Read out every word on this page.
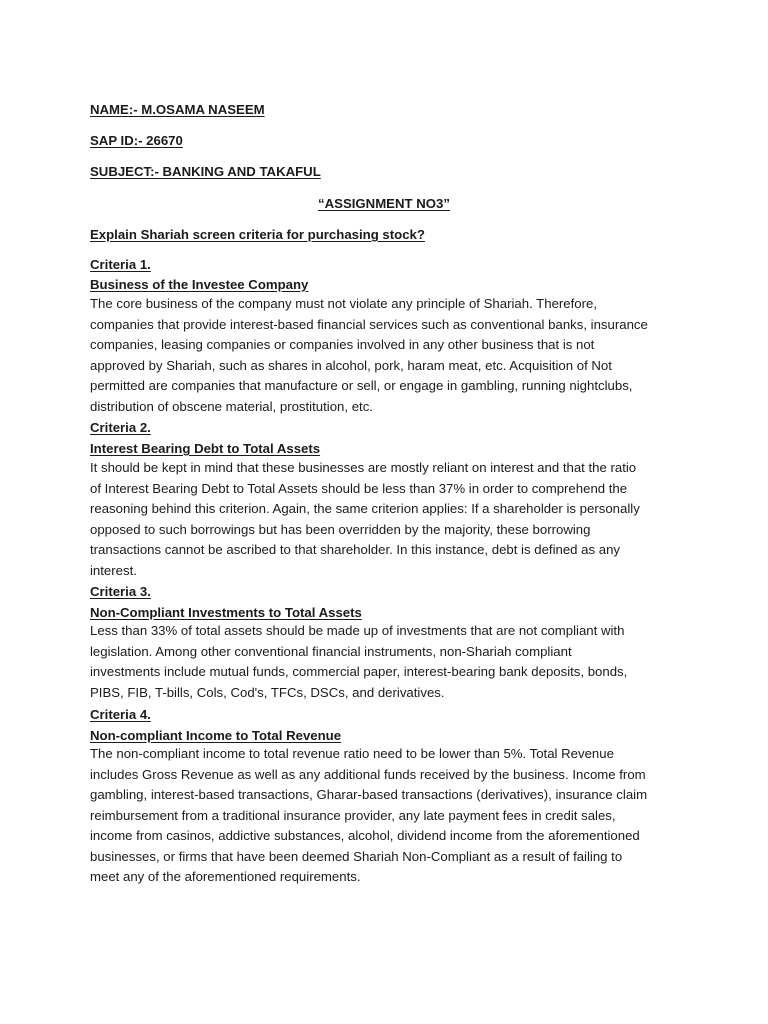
NAME:- M.OSAMA NASEEM
SAP ID:- 26670
SUBJECT:- BANKING AND TAKAFUL
“ASSIGNMENT NO3”
Explain Shariah screen criteria for purchasing stock?
Criteria 1.
Business of the Investee Company
The core business of the company must not violate any principle of Shariah. Therefore,
companies that provide interest-based financial services such as conventional banks, insurance
companies, leasing companies or companies involved in any other business that is not
approved by Shariah, such as shares in alcohol, pork, haram meat, etc. Acquisition of Not
permitted are companies that manufacture or sell, or engage in gambling, running nightclubs,
distribution of obscene material, prostitution, etc.
Criteria 2.
Interest Bearing Debt to Total Assets
It should be kept in mind that these businesses are mostly reliant on interest and that the ratio
of Interest Bearing Debt to Total Assets should be less than 37% in order to comprehend the
reasoning behind this criterion. Again, the same criterion applies: If a shareholder is personally
opposed to such borrowings but has been overridden by the majority, these borrowing
transactions cannot be ascribed to that shareholder. In this instance, debt is defined as any
interest.
Criteria 3.
Non-Compliant Investments to Total Assets
Less than 33% of total assets should be made up of investments that are not compliant with
legislation. Among other conventional financial instruments, non-Shariah compliant
investments include mutual funds, commercial paper, interest-bearing bank deposits, bonds,
PIBS, FIB, T-bills, Cols, Cod's, TFCs, DSCs, and derivatives.
Criteria 4.
Non-compliant Income to Total Revenue
The non-compliant income to total revenue ratio need to be lower than 5%. Total Revenue
includes Gross Revenue as well as any additional funds received by the business. Income from
gambling, interest-based transactions, Gharar-based transactions (derivatives), insurance claim
reimbursement from a traditional insurance provider, any late payment fees in credit sales,
income from casinos, addictive substances, alcohol, dividend income from the aforementioned
businesses, or firms that have been deemed Shariah Non-Compliant as a result of failing to
meet any of the aforementioned requirements.
